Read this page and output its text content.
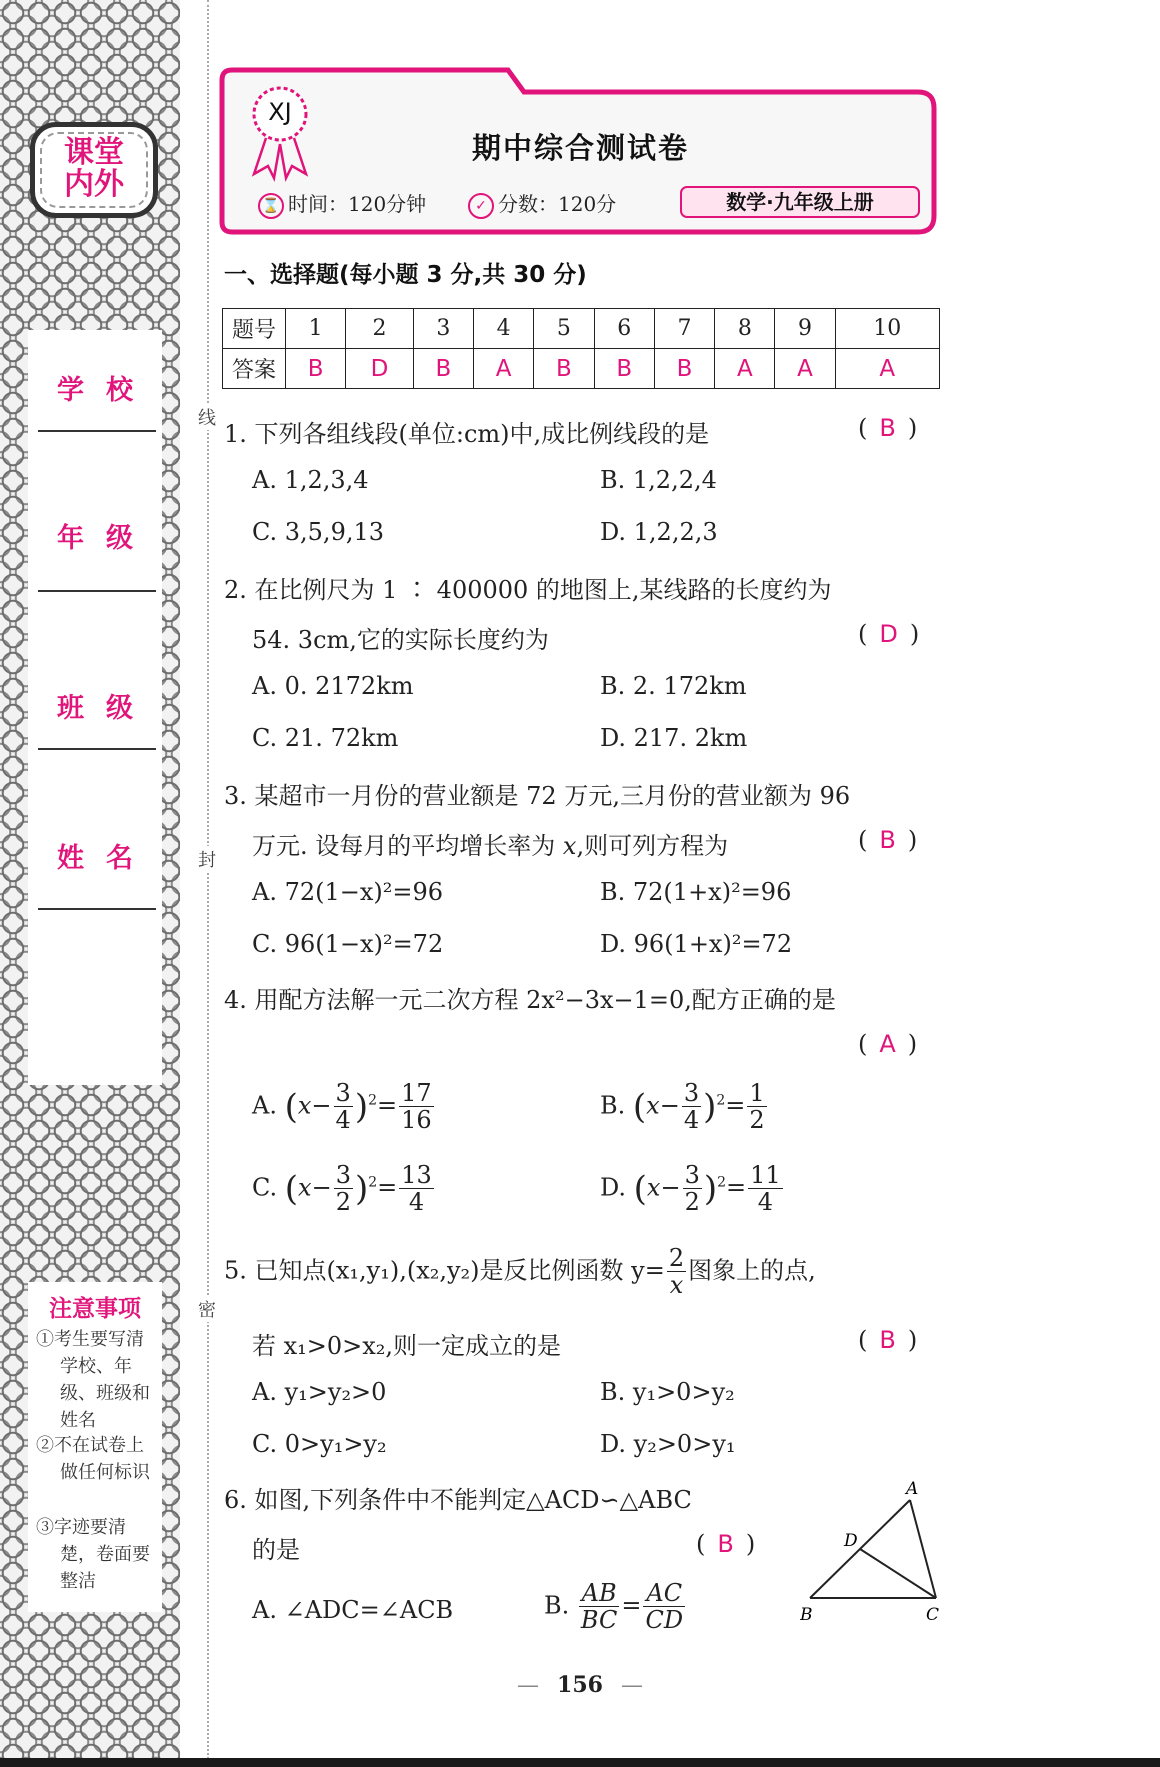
课堂
内外
学校
年级
班级
姓名
注意事项
①考生要写清学校、年级、班级和姓名
②不在试卷上做任何标识
③字迹要清楚，卷面要整洁
线
封
密
XJ
期中综合测试卷
⌛ 时间：120分钟	✓ 分数：120分	数学·九年级上册
一、选择题(每小题 3 分,共 30 分)
题号	1	2	3	4	5	6	7	8	9	10
答案	B	D	B	A	B	B	B	A	A	A
1. 下列各组线段(单位:cm)中,成比例线段的是	( B )
A. 1,2,3,4	B. 1,2,2,4
C. 3,5,9,13	D. 1,2,2,3
2. 在比例尺为 1 ∶ 400000 的地图上,某线路的长度约为
54. 3cm,它的实际长度约为	( D )
A. 0. 2172km	B. 2. 172km
C. 21. 72km	D. 217. 2km
3. 某超市一月份的营业额是 72 万元,三月份的营业额为 96
万元. 设每月的平均增长率为 x,则可列方程为	( B )
A. 72(1−x)²=96	B. 72(1+x)²=96
C. 96(1−x)²=72	D. 96(1+x)²=72
4. 用配方法解一元二次方程 2x²−3x−1=0,配方正确的是
( A )
A. $(x- \frac{3}{4} )^2= \frac{17}{16}$	B. $(x- \frac{3}{4} )^2= \frac{1}{2}$
C. $(x- \frac{3}{2} )^2= \frac{13}{4}$	D. $(x- \frac{3}{2} )^2= \frac{11}{4}$
5. 已知点(x₁,y₁),(x₂,y₂)是反比例函数 $y= \frac{2}{x}$ 图象上的点,
若 x₁>0>x₂,则一定成立的是	( B )
A. y₁>y₂>0	B. y₁>0>y₂
C. 0>y₁>y₂	D. y₂>0>y₁
6. 如图,下列条件中不能判定△ACD∽△ABC
的是	( B )
A. ∠ADC=∠ACB	B. $\frac{AB}{BC} = \frac{AC}{CD}$
A
B	C
D
— 156 —
